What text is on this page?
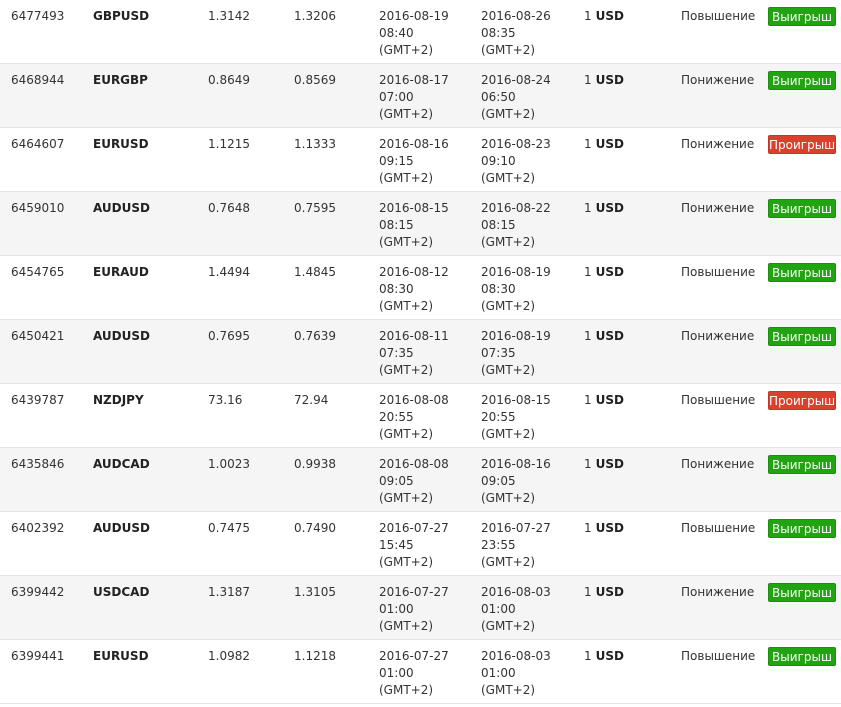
6477493 GBPUSD	1.3142	1.3206	2016-08-19
08:40
(GMT+2)
2016-08-26
08:35
(GMT+2)
1 USD	Повышение	Выигрыш
6468944 EURGBP	0.8649	0.8569	2016-08-17
07:00
(GMT+2)
2016-08-24
06:50
(GMT+2)
1 USD	Понижение	Выигрыш
6464607 EURUSD	1.1215	1.1333	2016-08-16
09:15
(GMT+2)
2016-08-23
09:10
(GMT+2)
1 USD	Понижение Проигрыш
6459010 AUDUSD	0.7648	0.7595	2016-08-15
08:15
(GMT+2)
2016-08-22
08:15
(GMT+2)
1 USD	Понижение	Выигрыш
6454765 EURAUD	1.4494	1.4845	2016-08-12
08:30
(GMT+2)
2016-08-19
08:30
(GMT+2)
1 USD	Повышение	Выигрыш
6450421 AUDUSD	0.7695	0.7639	2016-08-11
07:35
(GMT+2)
2016-08-19
07:35
(GMT+2)
1 USD	Понижение	Выигрыш
6439787 NZDJPY	73.16	72.94	2016-08-08
20:55
(GMT+2)
2016-08-15
20:55
(GMT+2)
1 USD	Повышение Проигрыш
6435846 AUDCAD	1.0023	0.9938	2016-08-08
09:05
(GMT+2)
2016-08-16
09:05
(GMT+2)
1 USD	Понижение	Выигрыш
6402392 AUDUSD	0.7475	0.7490	2016-07-27
15:45
(GMT+2)
2016-07-27
23:55
(GMT+2)
1 USD	Повышение	Выигрыш
6399442 USDCAD	1.3187	1.3105	2016-07-27
01:00
(GMT+2)
2016-08-03
01:00
(GMT+2)
1 USD	Понижение	Выигрыш
6399441 EURUSD	1.0982	1.1218	2016-07-27
01:00
(GMT+2)
2016-08-03
01:00
(GMT+2)
1 USD	Повышение	Выигрыш
